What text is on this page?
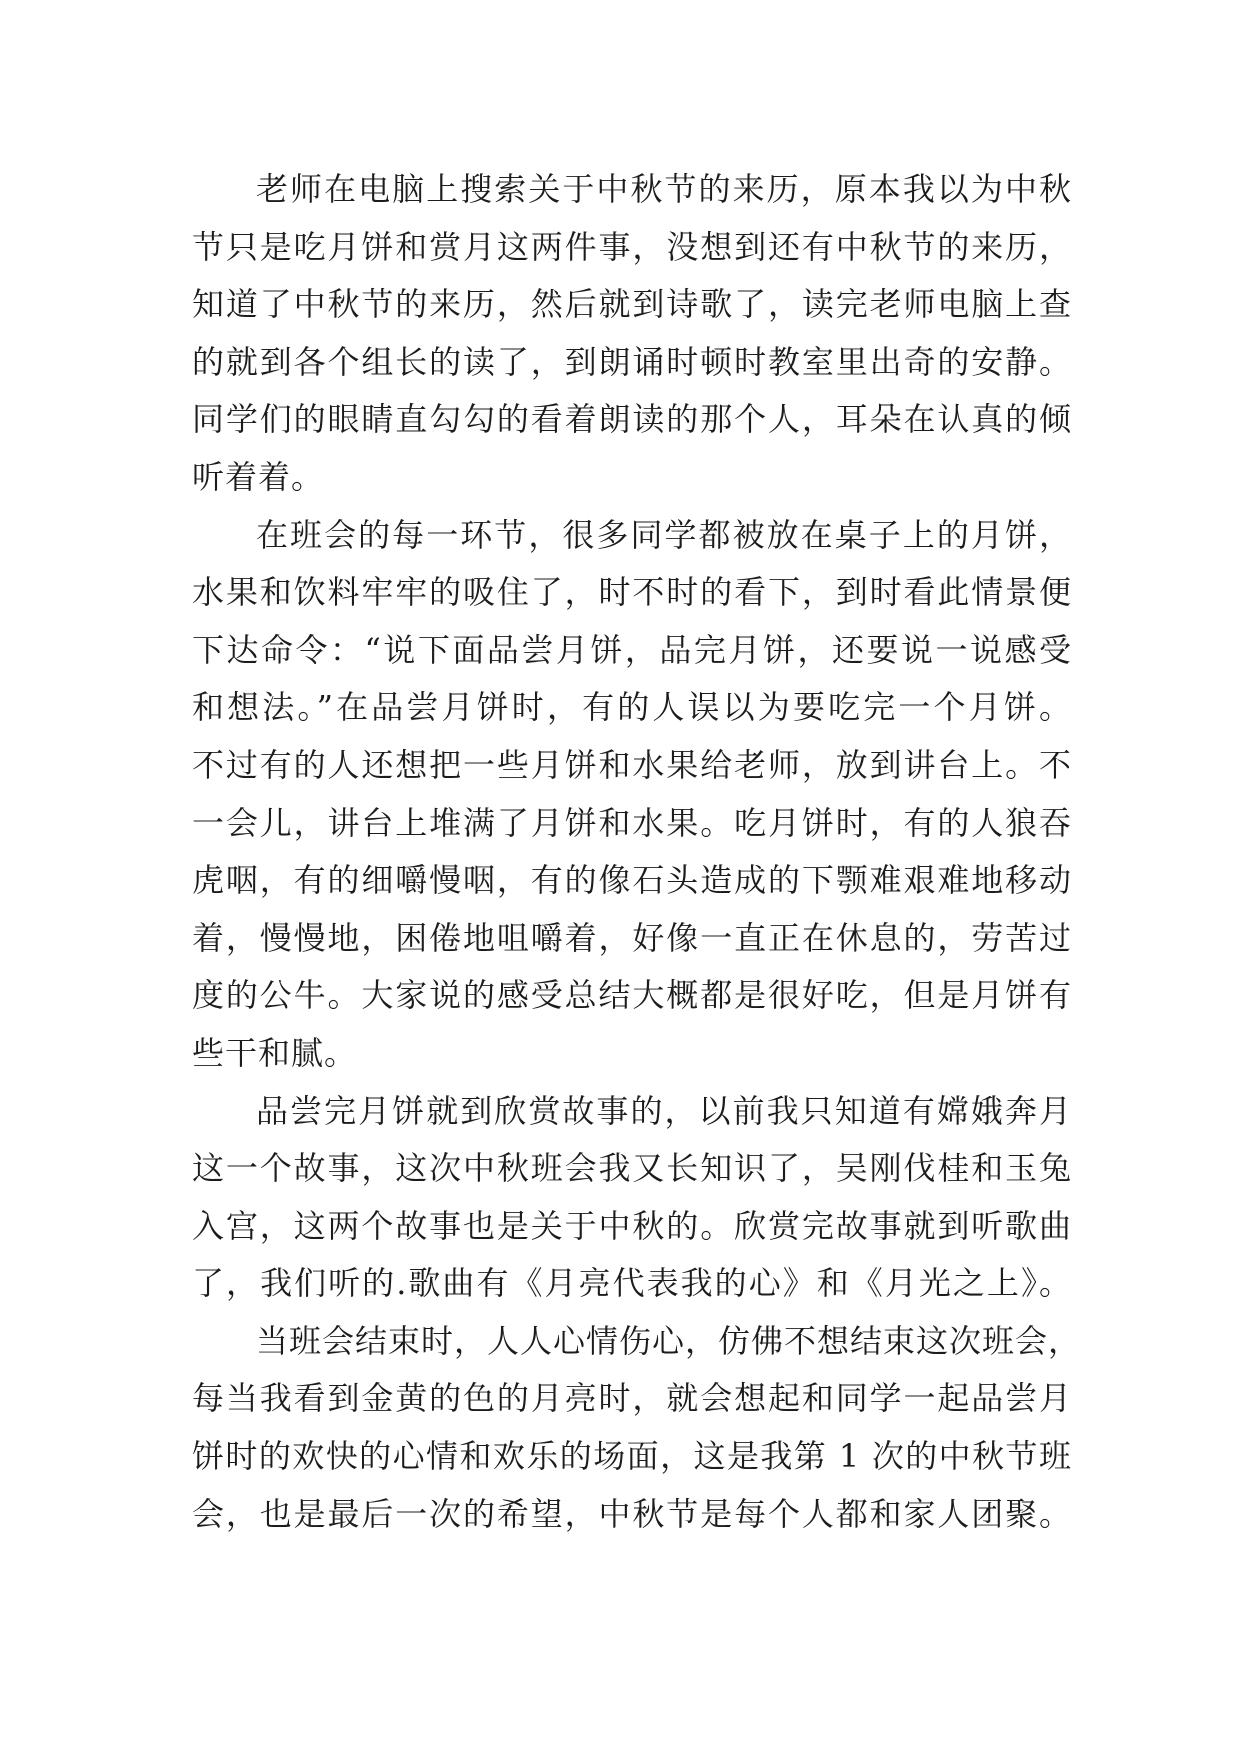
老师在电脑上搜索关于中秋节的来历，原本我以为中秋
节只是吃月饼和赏月这两件事，没想到还有中秋节的来历，
知道了中秋节的来历，然后就到诗歌了，读完老师电脑上查
的就到各个组长的读了，到朗诵时顿时教室里出奇的安静。
同学们的眼睛直勾勾的看着朗读的那个人，耳朵在认真的倾
听着着。
在班会的每一环节，很多同学都被放在桌子上的月饼，
水果和饮料牢牢的吸住了，时不时的看下，到时看此情景便
下达命令：“说下面品尝月饼，品完月饼，还要说一说感受
和想法。”在品尝月饼时，有的人误以为要吃完一个月饼。
不过有的人还想把一些月饼和水果给老师，放到讲台上。不
一会儿，讲台上堆满了月饼和水果。吃月饼时，有的人狼吞
虎咽，有的细嚼慢咽，有的像石头造成的下颚难艰难地移动
着，慢慢地，困倦地咀嚼着，好像一直正在休息的，劳苦过
度的公牛。大家说的感受总结大概都是很好吃，但是月饼有
些干和腻。
品尝完月饼就到欣赏故事的，以前我只知道有嫦娥奔月
这一个故事，这次中秋班会我又长知识了，吴刚伐桂和玉兔
入宫，这两个故事也是关于中秋的。欣赏完故事就到听歌曲
了，我们听的.歌曲有《月亮代表我的心》和《月光之上》。
当班会结束时，人人心情伤心，仿佛不想结束这次班会，
每当我看到金黄的色的月亮时，就会想起和同学一起品尝月
饼时的欢快的心情和欢乐的场面，这是我第 1 次的中秋节班
会，也是最后一次的希望，中秋节是每个人都和家人团聚。
